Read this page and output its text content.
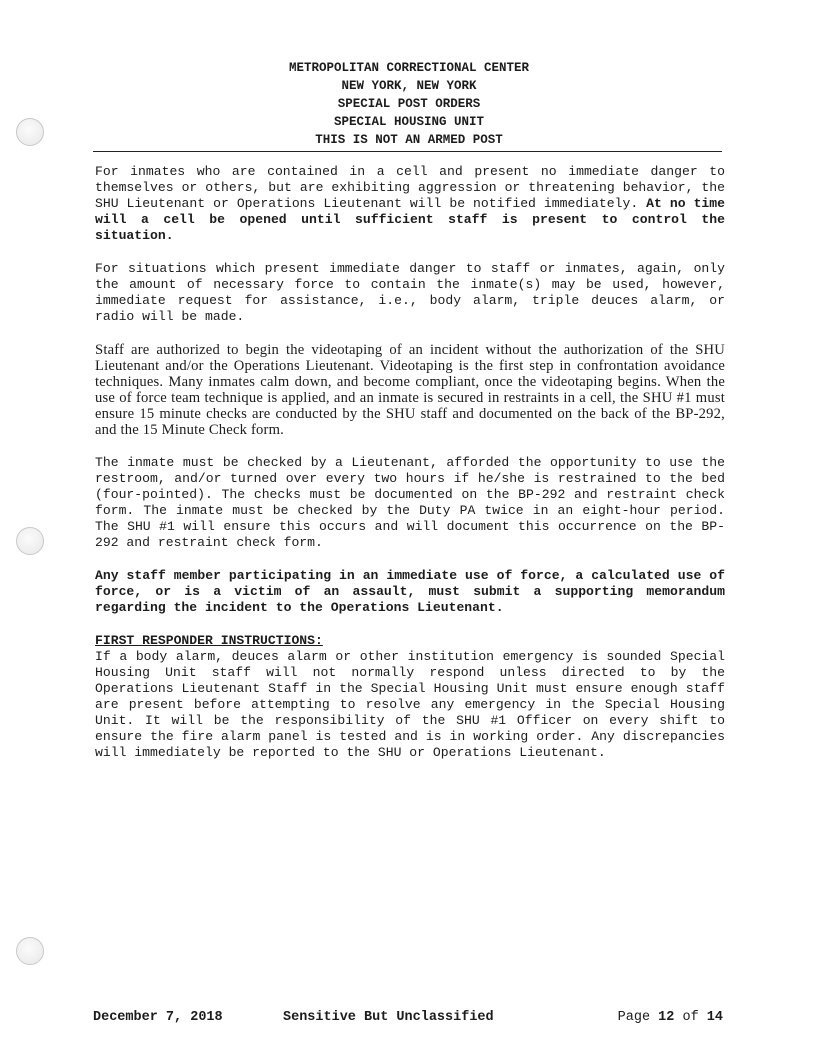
METROPOLITAN CORRECTIONAL CENTER
NEW YORK, NEW YORK
SPECIAL POST ORDERS
SPECIAL HOUSING UNIT
THIS IS NOT AN ARMED POST

For inmates who are contained in a cell and present no immediate danger to themselves or others, but are exhibiting aggression or threatening behavior, the SHU Lieutenant or Operations Lieutenant will be notified immediately. At no time will a cell be opened until sufficient staff is present to control the situation.

For situations which present immediate danger to staff or inmates, again, only the amount of necessary force to contain the inmate(s) may be used, however, immediate request for assistance, i.e., body alarm, triple deuces alarm, or radio will be made.

Staff are authorized to begin the videotaping of an incident without the authorization of the SHU Lieutenant and/or the Operations Lieutenant. Videotaping is the first step in confrontation avoidance techniques. Many inmates calm down, and become compliant, once the videotaping begins. When the use of force team technique is applied, and an inmate is secured in restraints in a cell, the SHU #1 must ensure 15 minute checks are conducted by the SHU staff and documented on the back of the BP-292, and the 15 Minute Check form.

The inmate must be checked by a Lieutenant, afforded the opportunity to use the restroom, and/or turned over every two hours if he/she is restrained to the bed (four-pointed). The checks must be documented on the BP-292 and restraint check form. The inmate must be checked by the Duty PA twice in an eight-hour period. The SHU #1 will ensure this occurs and will document this occurrence on the BP-292 and restraint check form.

Any staff member participating in an immediate use of force, a calculated use of force, or is a victim of an assault, must submit a supporting memorandum regarding the incident to the Operations Lieutenant.

FIRST RESPONDER INSTRUCTIONS:

If a body alarm, deuces alarm or other institution emergency is sounded Special Housing Unit staff will not normally respond unless directed to by the Operations Lieutenant Staff in the Special Housing Unit must ensure enough staff are present before attempting to resolve any emergency in the Special Housing Unit. It will be the responsibility of the SHU #1 Officer on every shift to ensure the fire alarm panel is tested and is in working order. Any discrepancies will immediately be reported to the SHU or Operations Lieutenant.

December 7, 2018	Sensitive But Unclassified	Page 12 of 14
